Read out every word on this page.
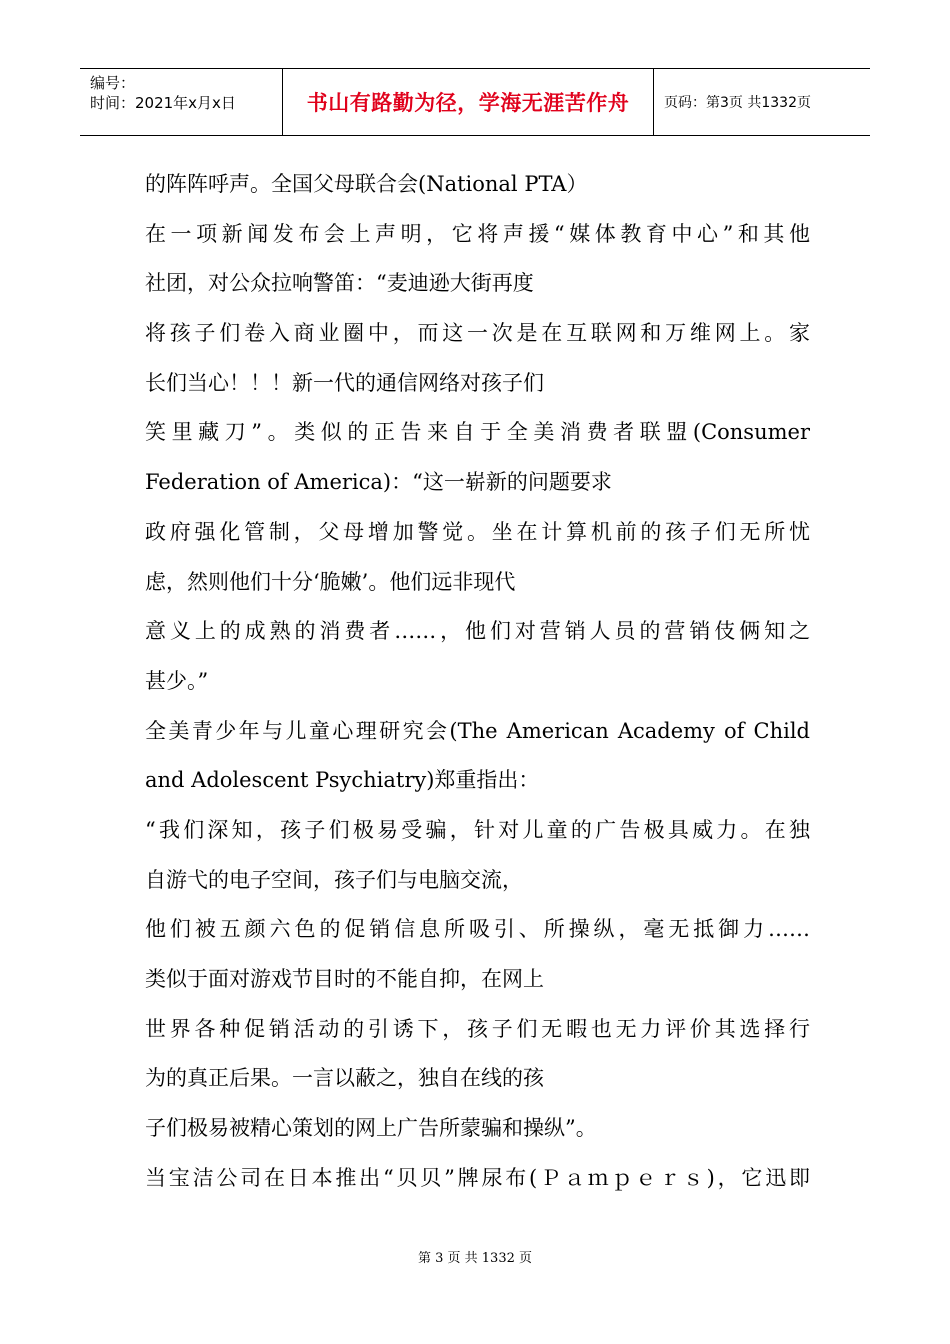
编号：
时间：2021年x月x日	书山有路勤为径，学海无涯苦作舟	页码：第3页 共1332页
的阵阵呼声。全国父母联合会(National PTA）
在一项新闻发布会上声明，它将声援“媒体教育中心”和其他
社团，对公众拉响警笛：“麦迪逊大街再度
将孩子们卷入商业圈中，而这一次是在互联网和万维网上。家
长们当心！！！新一代的通信网络对孩子们
笑里藏刀”。类似的正告来自于全美消费者联盟(Consumer
Federation of America)：“这一崭新的问题要求
政府强化管制，父母增加警觉。坐在计算机前的孩子们无所忧
虑，然则他们十分‘脆嫩’。他们远非现代
意义上的成熟的消费者……，他们对营销人员的营销伎俩知之
甚少。”
全美青少年与儿童心理研究会(The American Academy of Child
and Adolescent Psychiatry)郑重指出：
“我们深知，孩子们极易受骗，针对儿童的广告极具威力。在独
自游弋的电子空间，孩子们与电脑交流，
他们被五颜六色的促销信息所吸引、所操纵，毫无抵御力……
类似于面对游戏节目时的不能自抑，在网上
世界各种促销活动的引诱下，孩子们无暇也无力评价其选择行
为的真正后果。一言以蔽之，独自在线的孩
子们极易被精心策划的网上广告所蒙骗和操纵”。
当宝洁公司在日本推出“贝贝”牌尿布(Ｐａｍｐｅｒｓ)，它迅即
第 3 页 共 1332 页
